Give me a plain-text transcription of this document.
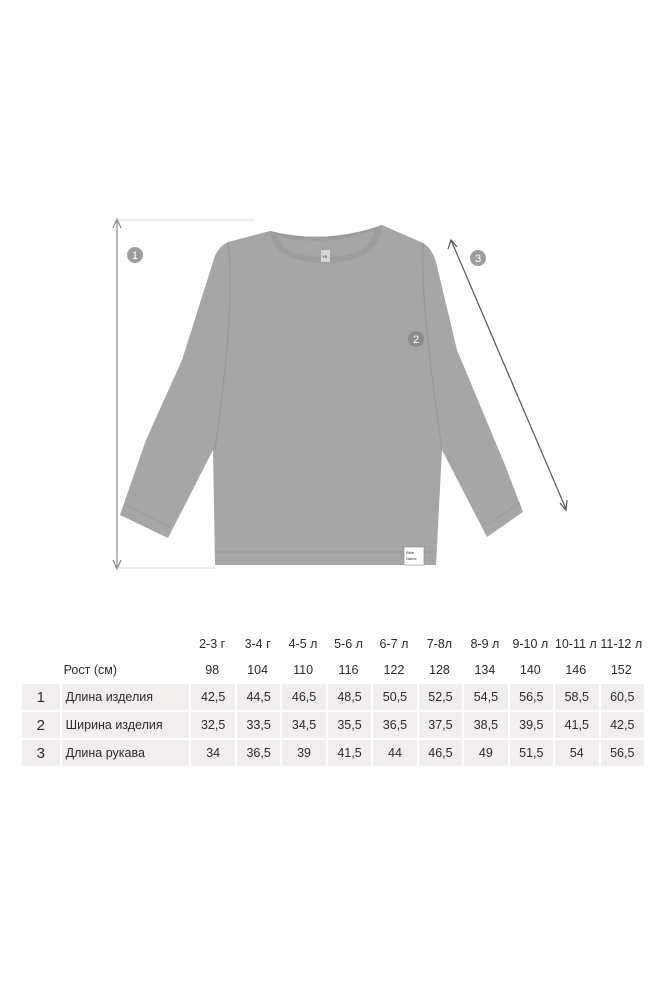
YB
Bitte
Name
1
2
3
		2-3 г	3-4 г	4-5 л	5-6 л	6-7 л	7-8л	8-9 л	9-10 л	10-11 л	11-12 л
	Рост (см)	98	104	110	116	122	128	134	140	146	152
1	Длина изделия	42,5	44,5	46,5	48,5	50,5	52,5	54,5	56,5	58,5	60,5
2	Ширина изделия	32,5	33,5	34,5	35,5	36,5	37,5	38,5	39,5	41,5	42,5
3	Длина рукава	34	36,5	39	41,5	44	46,5	49	51,5	54	56,5
